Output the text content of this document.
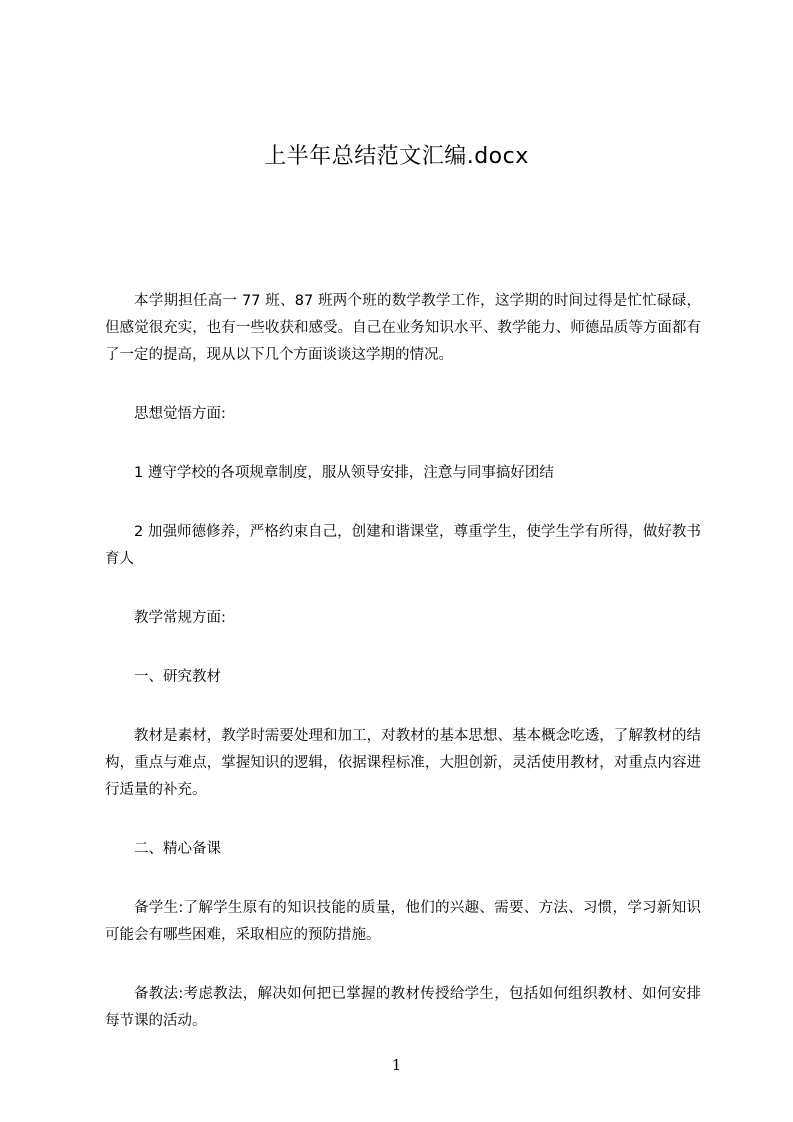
上半年总结范文汇编.docx

本学期担任高一 77 班、87 班两个班的数学教学工作，这学期的时间过得是忙忙碌碌，但感觉很充实，也有一些收获和感受。自己在业务知识水平、教学能力、师德品质等方面都有了一定的提高，现从以下几个方面谈谈这学期的情况。

思想觉悟方面:

1 遵守学校的各项规章制度，服从领导安排，注意与同事搞好团结

2 加强师德修养，严格约束自己，创建和谐课堂，尊重学生，使学生学有所得，做好教书育人

教学常规方面:

一、研究教材

教材是素材，教学时需要处理和加工，对教材的基本思想、基本概念吃透，了解教材的结构，重点与难点，掌握知识的逻辑，依据课程标准，大胆创新，灵活使用教材，对重点内容进行适量的补充。

二、精心备课

备学生:了解学生原有的知识技能的质量，他们的兴趣、需要、方法、习惯，学习新知识可能会有哪些困难，采取相应的预防措施。

备教法:考虑教法，解决如何把已掌握的教材传授给学生，包括如何组织教材、如何安排每节课的活动。

1
